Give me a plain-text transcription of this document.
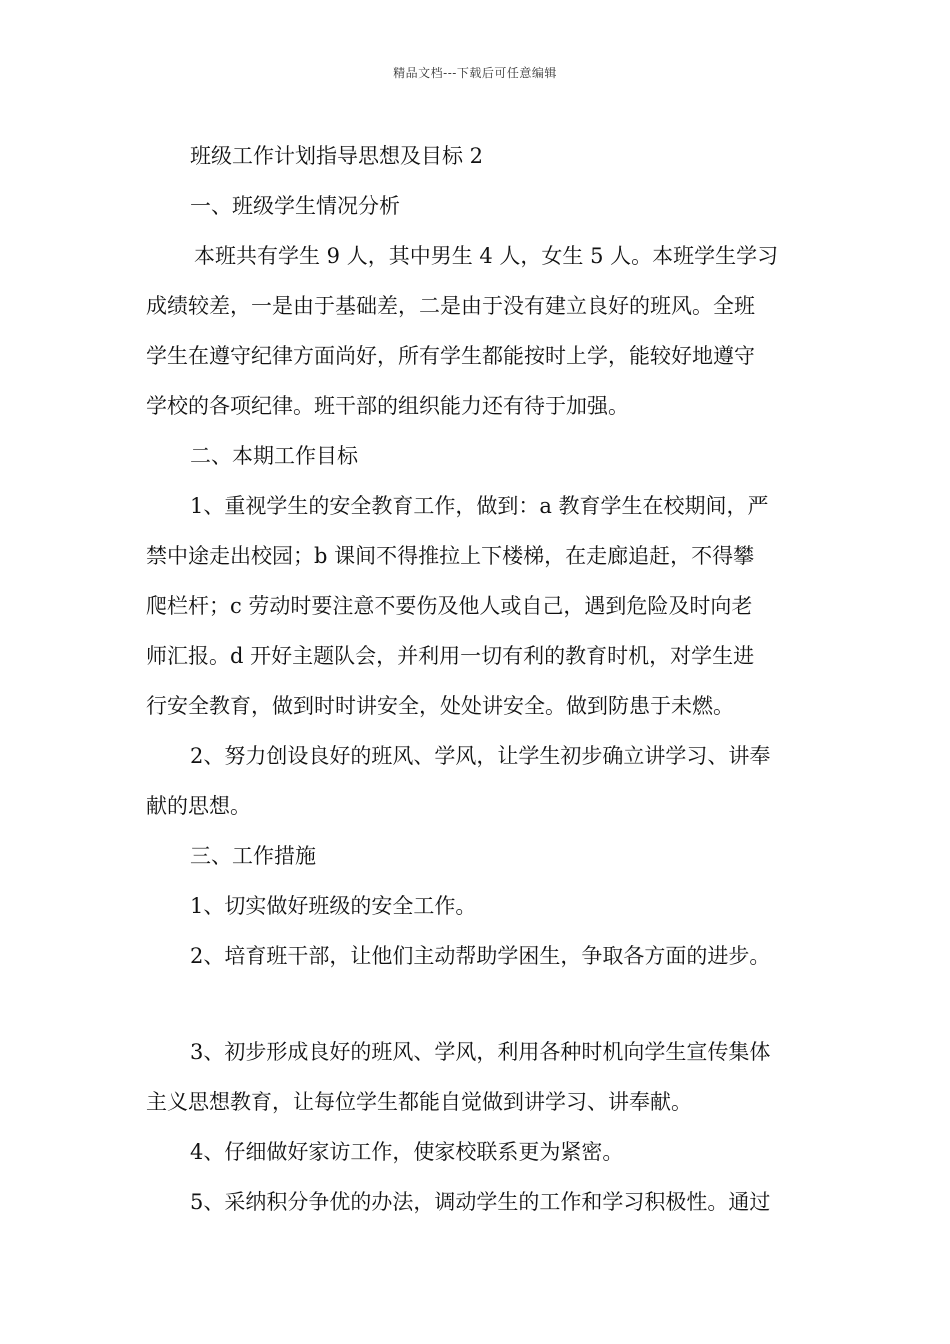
精品文档---下载后可任意编辑
班级工作计划指导思想及目标 2
一、班级学生情况分析
本班共有学生 9 人，其中男生 4 人，女生 5 人。本班学生学习
成绩较差，一是由于基础差，二是由于没有建立良好的班风。全班
学生在遵守纪律方面尚好，所有学生都能按时上学，能较好地遵守
学校的各项纪律。班干部的组织能力还有待于加强。
二、本期工作目标
1、重视学生的安全教育工作，做到：a 教育学生在校期间，严
禁中途走出校园；b 课间不得推拉上下楼梯，在走廊追赶，不得攀
爬栏杆；c 劳动时要注意不要伤及他人或自己，遇到危险及时向老
师汇报。d 开好主题队会，并利用一切有利的教育时机，对学生进
行安全教育，做到时时讲安全，处处讲安全。做到防患于未燃。
2、努力创设良好的班风、学风，让学生初步确立讲学习、讲奉
献的思想。
三、工作措施
1、切实做好班级的安全工作。
2、培育班干部，让他们主动帮助学困生，争取各方面的进步。
3、初步形成良好的班风、学风，利用各种时机向学生宣传集体
主义思想教育，让每位学生都能自觉做到讲学习、讲奉献。
4、仔细做好家访工作，使家校联系更为紧密。
5、采纳积分争优的办法，调动学生的工作和学习积极性。通过
